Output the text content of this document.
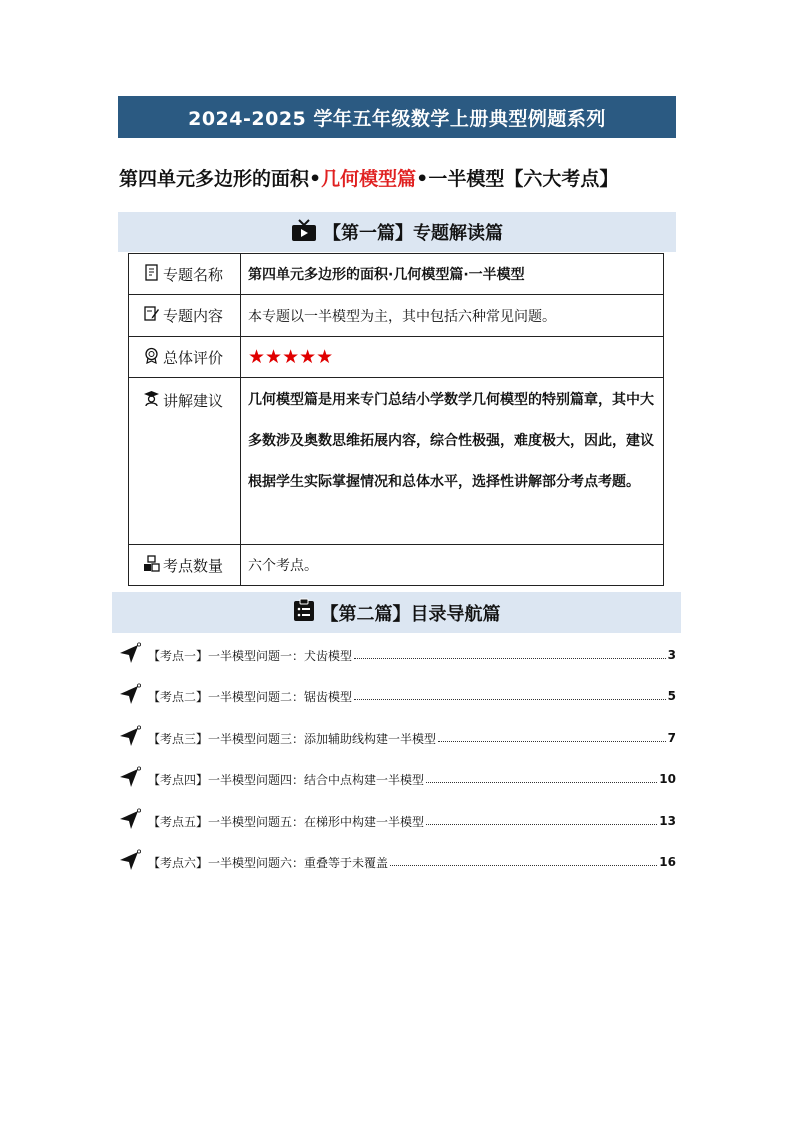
2024-2025 学年五年级数学上册典型例题系列
第四单元多边形的面积• 几何模型篇 •一半模型【六大考点】
【第一篇】专题解读篇
专题名称	第四单元多边形的面积·几何模型篇·一半模型

专题内容	本专题以一半模型为主，其中包括六种常见问题。

总体评价	★★★★★

讲解建议	几何模型篇是用来专门总结小学数学几何模型的特别篇章，其中大多数涉及奥数思维拓展内容，综合性极强，难度极大，因此，建议根据学生实际掌握情况和总体水平，选择性讲解部分考点考题。

考点数量	六个考点。
【第二篇】目录导航篇
【考点一】一半模型问题一：犬齿模型	3
【考点二】一半模型问题二：锯齿模型	5
【考点三】一半模型问题三：添加辅助线构建一半模型	7
【考点四】一半模型问题四：结合中点构建一半模型	10
【考点五】一半模型问题五：在梯形中构建一半模型	13
【考点六】一半模型问题六：重叠等于未覆盖	16
